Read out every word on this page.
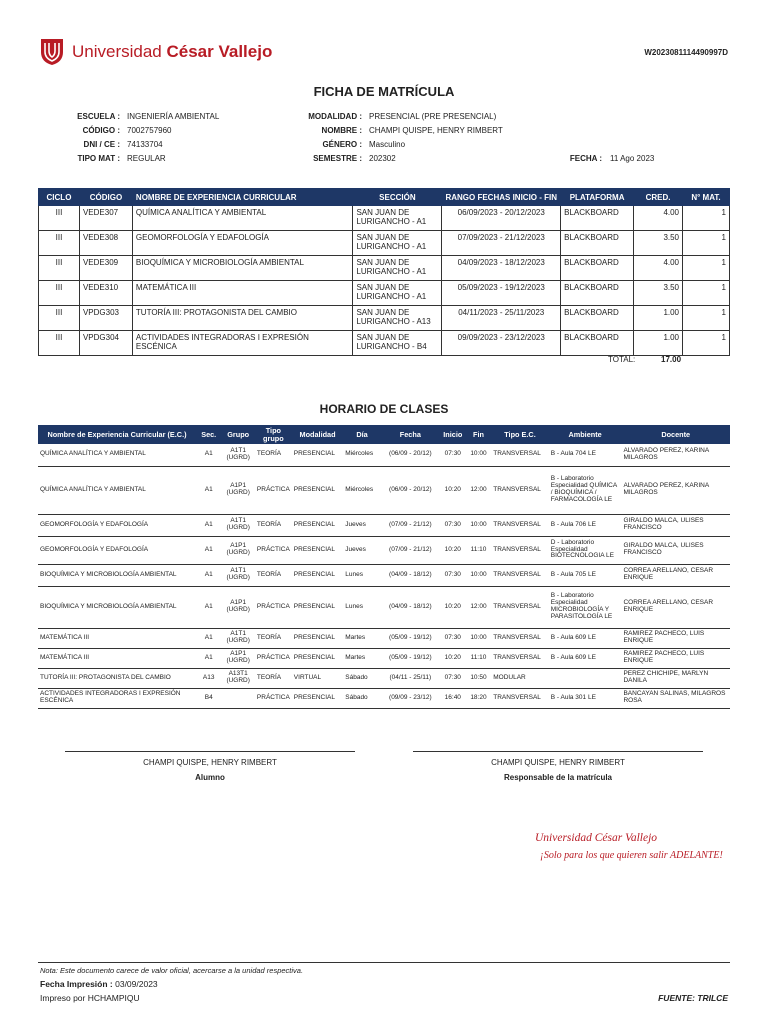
Universidad César Vallejo	W2023081114490997D
FICHA DE MATRÍCULA
ESCUELA : INGENIERÍA AMBIENTAL
CÓDIGO : 7002757960
DNI / CE : 74133704
TIPO MAT : REGULAR
MODALIDAD : PRESENCIAL (PRE PRESENCIAL)
NOMBRE : CHAMPI QUISPE, HENRY RIMBERT
GÉNERO : Masculino
SEMESTRE : 202302	FECHA : 11 Ago 2023
CICLO	CÓDIGO	NOMBRE DE EXPERIENCIA CURRICULAR	SECCIÓN	RANGO FECHAS INICIO - FIN	PLATAFORMA	CRED.	N° MAT.
III	VEDE307	QUÍMICA ANALÍTICA Y AMBIENTAL	SAN JUAN DE LURIGANCHO - A1	06/09/2023 - 20/12/2023	BLACKBOARD	4.00	1
III	VEDE308	GEOMORFOLOGÍA Y EDAFOLOGÍA	SAN JUAN DE LURIGANCHO - A1	07/09/2023 - 21/12/2023	BLACKBOARD	3.50	1
III	VEDE309	BIOQUÍMICA Y MICROBIOLOGÍA AMBIENTAL	SAN JUAN DE LURIGANCHO - A1	04/09/2023 - 18/12/2023	BLACKBOARD	4.00	1
III	VEDE310	MATEMÁTICA III	SAN JUAN DE LURIGANCHO - A1	05/09/2023 - 19/12/2023	BLACKBOARD	3.50	1
III	VPDG303	TUTORÍA III: PROTAGONISTA DEL CAMBIO	SAN JUAN DE LURIGANCHO - A13	04/11/2023 - 25/11/2023	BLACKBOARD	1.00	1
III	VPDG304	ACTIVIDADES INTEGRADORAS I EXPRESIÓN ESCÉNICA	SAN JUAN DE LURIGANCHO - B4	09/09/2023 - 23/12/2023	BLACKBOARD	1.00	1
TOTAL:	17.00
HORARIO DE CLASES
Nombre de Experiencia Curricular (E.C.)	Sec.	Grupo	Tipo grupo	Modalidad	Día	Fecha	Inicio	Fin	Tipo E.C.	Ambiente	Docente
QUÍMICA ANALÍTICA Y AMBIENTAL	A1	A1T1 (UGRD)	TEORÍA	PRESENCIAL	Miércoles	(06/09 - 20/12)	07:30	10:00	TRANSVERSAL	B - Aula 704 LE	ALVARADO PEREZ, KARINA MILAGROS
QUÍMICA ANALÍTICA Y AMBIENTAL	A1	A1P1 (UGRD)	PRÁCTICA	PRESENCIAL	Miércoles	(06/09 - 20/12)	10:20	12:00	TRANSVERSAL	B - Laboratorio Especialidad QUÍMICA / BIOQUÍMICA / FARMACOLOGÍA LE	ALVARADO PEREZ, KARINA MILAGROS
GEOMORFOLOGÍA Y EDAFOLOGÍA	A1	A1T1 (UGRD)	TEORÍA	PRESENCIAL	Jueves	(07/09 - 21/12)	07:30	10:00	TRANSVERSAL	B - Aula 706 LE	GIRALDO MALCA, ULISES FRANCISCO
GEOMORFOLOGÍA Y EDAFOLOGÍA	A1	A1P1 (UGRD)	PRÁCTICA	PRESENCIAL	Jueves	(07/09 - 21/12)	10:20	11:10	TRANSVERSAL	D - Laboratorio Especialidad BIOTECNOLOGIA LE	GIRALDO MALCA, ULISES FRANCISCO
BIOQUÍMICA Y MICROBIOLOGÍA AMBIENTAL	A1	A1T1 (UGRD)	TEORÍA	PRESENCIAL	Lunes	(04/09 - 18/12)	07:30	10:00	TRANSVERSAL	B - Aula 705 LE	CORREA ARELLANO, CESAR ENRIQUE
BIOQUÍMICA Y MICROBIOLOGÍA AMBIENTAL	A1	A1P1 (UGRD)	PRÁCTICA	PRESENCIAL	Lunes	(04/09 - 18/12)	10:20	12:00	TRANSVERSAL	B - Laboratorio Especialidad MICROBIOLOGÍA Y PARASITOLOGÍA LE	CORREA ARELLANO, CESAR ENRIQUE
MATEMÁTICA III	A1	A1T1 (UGRD)	TEORÍA	PRESENCIAL	Martes	(05/09 - 19/12)	07:30	10:00	TRANSVERSAL	B - Aula 609 LE	RAMIREZ PACHECO, LUIS ENRIQUE
MATEMÁTICA III	A1	A1P1 (UGRD)	PRÁCTICA	PRESENCIAL	Martes	(05/09 - 19/12)	10:20	11:10	TRANSVERSAL	B - Aula 609 LE	RAMIREZ PACHECO, LUIS ENRIQUE
TUTORÍA III: PROTAGONISTA DEL CAMBIO	A13	A13T1 (UGRD)	TEORÍA	VIRTUAL	Sábado	(04/11 - 25/11)	07:30	10:50	MODULAR		PEREZ CHICHIPE, MARLYN DANILA
ACTIVIDADES INTEGRADORAS I EXPRESIÓN ESCÉNICA	B4		PRÁCTICA	PRESENCIAL	Sábado	(09/09 - 23/12)	16:40	18:20	TRANSVERSAL	B - Aula 301 LE	BANCAYAN SALINAS, MILAGROS ROSA
CHAMPI QUISPE, HENRY RIMBERT
Alumno
CHAMPI QUISPE, HENRY RIMBERT
Responsable de la matrícula
Universidad César Vallejo
¡Solo para los que quieren salir ADELANTE!
Nota: Este documento carece de valor oficial, acercarse a la unidad respectiva.
Fecha Impresión : 03/09/2023
Impreso por HCHAMPIQU	FUENTE: TRILCE
